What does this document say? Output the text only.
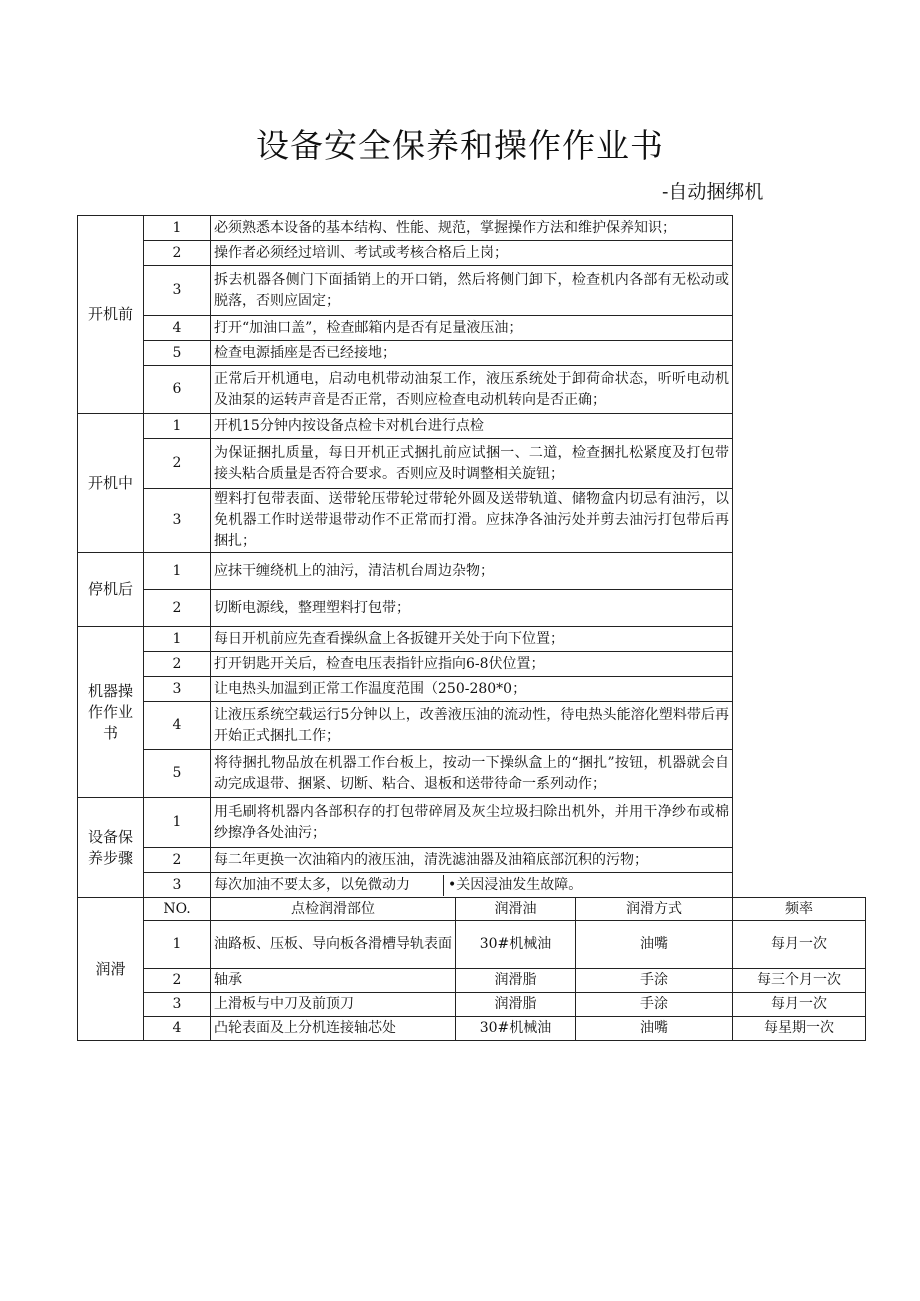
设备安全保养和操作作业书
-自动捆绑机
开机前	1	必须熟悉本设备的基本结构、性能、规范，掌握操作方法和维护保养知识；			
	2	操作者必须经过培训、考试或考核合格后上岗；			
	3	拆去机器各侧门下面插销上的开口销，然后将侧门卸下，检查机内各部有无松动或脱落，否则应固定；			
	4	打开“加油口盖”，检查邮箱内是否有足量液压油；			
	5	检查电源插座是否已经接地；			
	6	正常后开机通电，启动电机带动油泵工作，液压系统处于卸荷命状态，听听电动机及油泵的运转声音是否正常，否则应检查电动机转向是否正确；			
开机中	1	开机15分钟内按设备点检卡对机台进行点检			
	2	为保证捆扎质量，每日开机正式捆扎前应试捆一、二道，检查捆扎松紧度及打包带接头粘合质量是否符合要求。否则应及时调整相关旋钮；			
	3	塑料打包带表面、送带轮压带轮过带轮外圆及送带轨道、储物盒内切忌有油污，以免机器工作时送带退带动作不正常而打滑。应抹净各油污处并剪去油污打包带后再捆扎；			
停机后	1	应抹干缠绕机上的油污，清洁机台周边杂物；			
	2	切断电源线，整理塑料打包带；			
机器操作作业书	1	每日开机前应先查看操纵盒上各扳键开关处于向下位置；			
	2	打开钥匙开关后，检查电压表指针应指向6-8伏位置；			
	3	让电热头加温到正常工作温度范围（250-280*0；			
	4	让液压系统空载运行5分钟以上，改善液压油的流动性，待电热头能溶化塑料带后再开始正式捆扎工作；			
	5	将待捆扎物品放在机器工作台板上，按动一下操纵盒上的“捆扎”按钮，机器就会自动完成退带、捆紧、切断、粘合、退板和送带待命一系列动作；			
设备保养步骤	1	用毛刷将机器内各部积存的打包带碎屑及灰尘垃圾扫除出机外，并用干净纱布或棉纱擦净各处油污；			
	2	每二年更换一次油箱内的液压油，清洗滤油器及油箱底部沉积的污物；			
	3	每次加油不要太多，以免微动力 •关因浸油发生故障。			

润滑	NO.	点检润滑部位	润滑油	润滑方式	频率
	1	油路板、压板、导向板各滑槽导轨表面	30#机械油	油嘴	每月一次
	2	轴承	润滑脂	手涂	每三个月一次
	3	上滑板与中刀及前顶刀	润滑脂	手涂	每月一次
	4	凸轮表面及上分机连接轴芯处	30#机械油	油嘴	每星期一次
